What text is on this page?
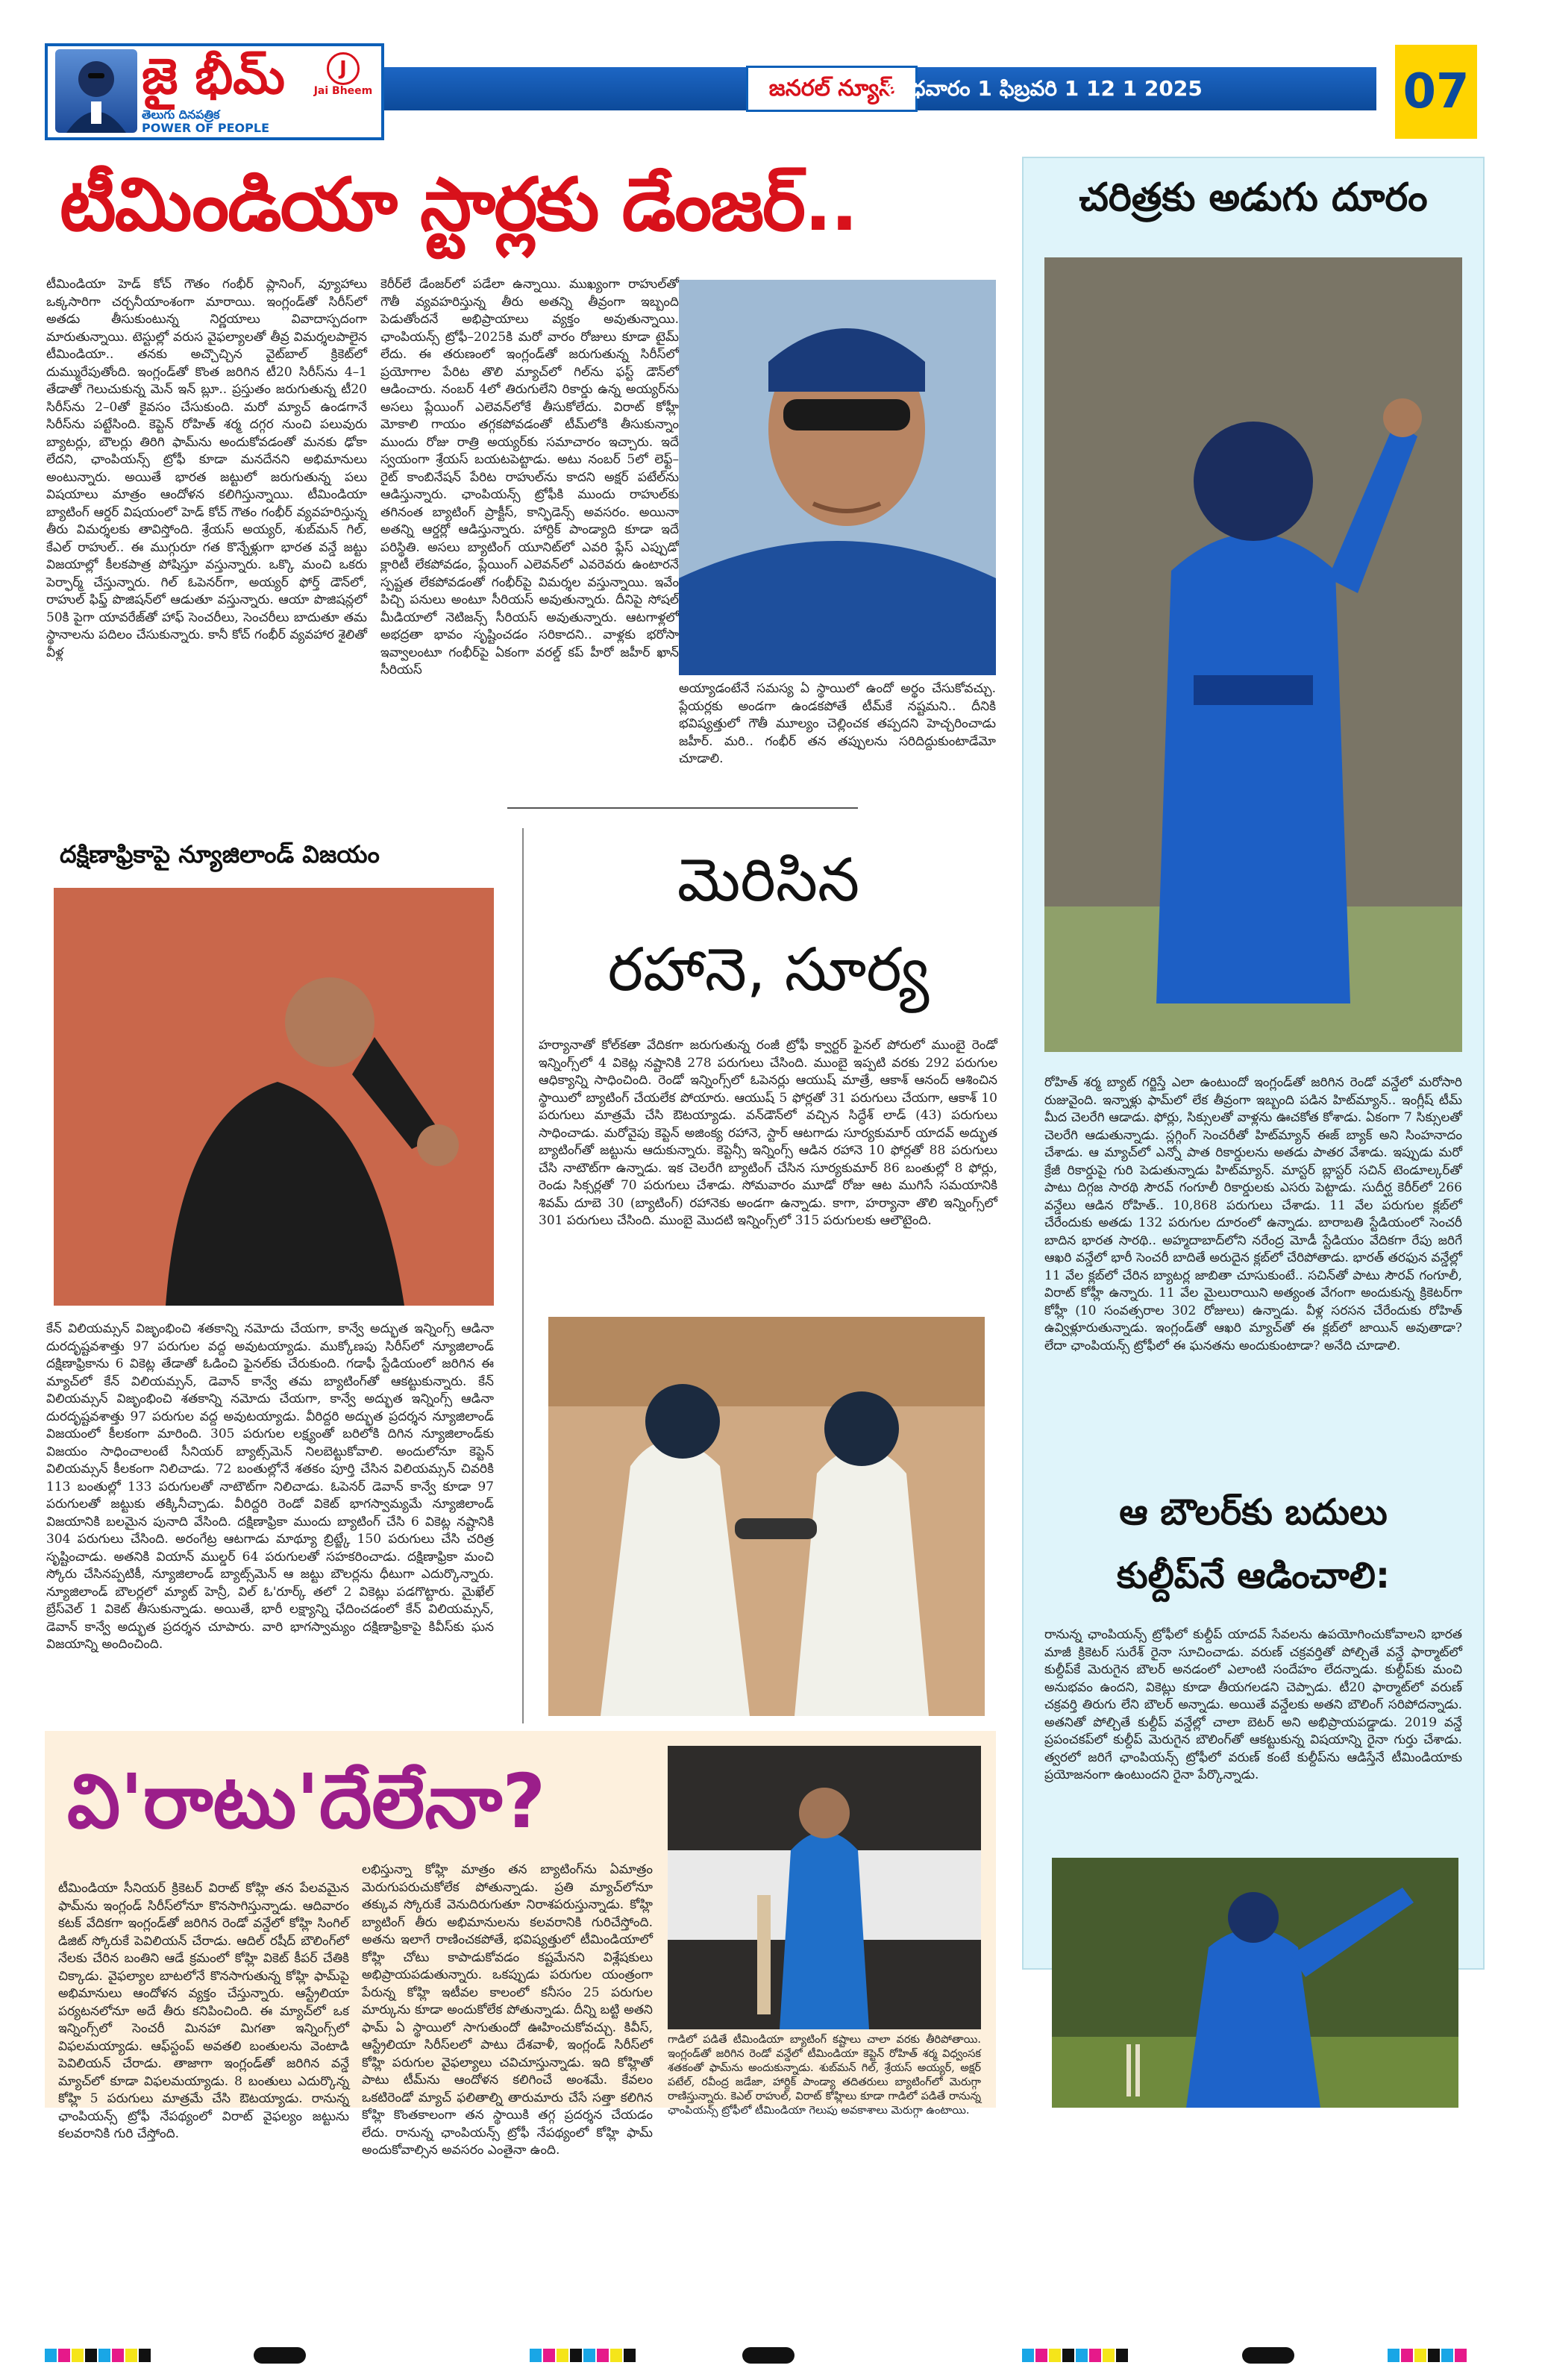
జై భీమ్
తెలుగు దినపత్రిక
POWER OF PEOPLE
J
Jai Bheem	జనరల్ న్యూస్
బుధవారం 1 ఫిబ్రవరి 1 12 1 2025	07
టీమిండియా స్టార్లకు డేంజర్..
టీమిండియా హెడ్ కోచ్ గౌతం గంభీర్ ప్లానింగ్, వ్యూహాలు ఒక్కసారిగా చర్చనీయాంశంగా మారాయి. ఇంగ్లండ్‌తో సిరీస్‌లో అతడు తీసుకుంటున్న నిర్ణయాలు వివాదాస్పదంగా మారుతున్నాయి. టెస్టుల్లో వరుస వైఫల్యాలతో తీవ్ర విమర్శలపాలైన టీమిండియా.. తనకు అచ్చొచ్చిన వైట్‌బాల్ క్రికెట్‌లో దుమ్మురేపుతోంది. ఇంగ్లండ్‌తో కొంత జరిగిన టీ20 సిరీస్‌ను 4–1 తేడాతో గెలుచుకున్న మెన్ ఇన్ బ్లూ.. ప్రస్తుతం జరుగుతున్న టీ20 సిరీస్‌ను 2–0తో కైవసం చేసుకుంది. మరో మ్యాచ్ ఉండగానే సిరీస్‌ను పట్టేసింది. కెప్టెన్ రోహిత్ శర్మ దగ్గర నుంచి పలువురు బ్యాటర్లు, బౌలర్లు తిరిగి ఫామ్‌ను అందుకోవడంతో మనకు ఢోకా లేదని, ఛాంపియన్స్ ట్రోఫీ కూడా మనదేనని అభిమానులు అంటున్నారు. అయితే భారత జట్టులో జరుగుతున్న పలు విషయాలు మాత్రం ఆందోళన కలిగిస్తున్నాయి. టీమిండియా బ్యాటింగ్ ఆర్డర్ విషయంలో హెడ్ కోచ్ గౌతం గంభీర్ వ్యవహరిస్తున్న తీరు విమర్శలకు తావిస్తోంది. శ్రేయస్ అయ్యర్, శుబ్‌మన్ గిల్, కేఎల్ రాహుల్.. ఈ ముగ్గురూ గత కొన్నేళ్లుగా భారత వన్డే జట్టు విజయాల్లో కీలకపాత్ర పోషిస్తూ వస్తున్నారు. ఒక్కొ మంచి ఒకరు పెర్ఫార్మ్ చేస్తున్నారు. గిల్ ఓపెనర్‌గా, అయ్యర్ ఫోర్త్ డౌన్‌లో, రాహుల్ ఫిఫ్త్ పొజిషన్‌లో ఆడుతూ వస్తున్నారు. ఆయా పొజిషన్లలో 50కి పైగా యావరేజ్‌తో హాఫ్ సెంచరీలు, సెంచరీలు బాదుతూ తమ స్థానాలను పదిలం చేసుకున్నారు. కానీ కోచ్ గంభీర్ వ్యవహార శైలితో వీళ్ల
కెరీర్‌లే డేంజర్‌లో పడేలా ఉన్నాయి. ముఖ్యంగా రాహుల్‌తో గౌతీ వ్యవహరిస్తున్న తీరు అతన్ని తీవ్రంగా ఇబ్బంది పెడుతోందనే అభిప్రాయాలు వ్యక్తం అవుతున్నాయి. ఛాంపియన్స్ ట్రోఫీ–2025కి మరో వారం రోజులు కూడా టైమ్ లేదు. ఈ తరుణంలో ఇంగ్లండ్‌తో జరుగుతున్న సిరీస్‌లో ప్రయోగాల పేరిట తొలి మ్యాచ్‌లో గిల్‌ను ఫస్ట్ డౌన్‌లో ఆడించారు. నంబర్ 4లో తిరుగులేని రికార్డు ఉన్న అయ్యర్‌ను అసలు ప్లేయింగ్ ఎలెవన్‌లోకే తీసుకోలేదు. విరాట్ కోహ్లీ మోకాలి గాయం తగ్గకపోవడంతో టీమ్‌లోకి తీసుకున్నాం ముందు రోజు రాత్రి అయ్యర్‌కు సమాచారం ఇచ్చారు. ఇదే స్వయంగా శ్రేయస్ బయటపెట్టాడు. అటు నంబర్ 5లో లెఫ్ట్–రైట్ కాంబినేషన్ పేరిట రాహుల్‌ను కాదని అక్షర్ పటేల్‌ను ఆడిస్తున్నారు. ఛాంపియన్స్ ట్రోఫీకి ముందు రాహుల్‌కు తగినంత బ్యాటింగ్ ప్రాక్టీస్, కాన్ఫిడెన్స్ అవసరం. అయినా అతన్ని ఆర్డర్లో ఆడిస్తున్నారు. హార్దిక్ పాండ్యాది కూడా ఇదే పరిస్థితి. అసలు బ్యాటింగ్ యూనిట్‌లో ఎవరి ఫ్లేస్ ఎప్పుడో క్లారిటీ లేకపోవడం, ప్లేయింగ్ ఎలెవన్‌లో ఎవరెవరు ఉంటారనే స్పష్టత లేకపోవడంతో గంభీర్‌పై విమర్శల వస్తున్నాయి. ఇవేం పిచ్చి పనులు అంటూ సీరియస్ అవుతున్నారు. దీనిపై సోషల్ మీడియాలో నెటిజన్స్ సీరియస్ అవుతున్నారు. ఆటగాళ్లలో అభద్రతా భావం సృష్టించడం సరికాదని.. వాళ్లకు భరోసా ఇవ్వాలంటూ గంభీర్‌పై ఏకంగా వరల్డ్ కప్ హీరో జహీర్ ఖాన్ సీరియస్
అయ్యాడంటేనే సమస్య ఏ స్థాయిలో ఉందో అర్థం చేసుకోవచ్చు. ప్లేయర్లకు అండగా ఉండకపోతే టీమ్‌కే నష్టమని.. దీనికి భవిష్యత్తులో గౌతీ మూల్యం చెల్లించక తప్పదని హెచ్చరించాడు జహీర్. మరి.. గంభీర్ తన తప్పులను సరిదిద్దుకుంటాడేమో చూడాలి.
దక్షిణాఫ్రికాపై న్యూజిలాండ్ విజయం
కేన్ విలియమ్సన్ విజృంభించి శతకాన్ని నమోదు చేయగా, కాన్వే అద్భుత ఇన్నింగ్స్ ఆడినా దురదృష్టవశాత్తు 97 పరుగుల వద్ద అవుటయ్యాడు. ముక్కోణపు సిరీస్‌లో న్యూజిలాండ్ దక్షిణాఫ్రికాను 6 వికెట్ల తేడాతో ఓడించి ఫైనల్‌కు చేరుకుంది. గడాఫీ స్టేడియంలో జరిగిన ఈ మ్యాచ్‌లో కేన్ విలియమ్సన్, డెవాన్ కాన్వే తమ బ్యాటింగ్‌తో ఆకట్టుకున్నారు. కేన్ విలియమ్సన్ విజృంభించి శతకాన్ని నమోదు చేయగా, కాన్వే అద్భుత ఇన్నింగ్స్ ఆడినా దురదృష్టవశాత్తు 97 పరుగుల వద్ద అవుటయ్యాడు. వీరిద్దరి అద్భుత ప్రదర్శన న్యూజిలాండ్ విజయంలో కీలకంగా మారింది. 305 పరుగుల లక్ష్యంతో బరిలోకి దిగిన న్యూజిలాండ్‌కు విజయం సాధించాలంటే సీనియర్ బ్యాట్స్‌మెన్ నిలబెట్టుకోవాలి. అందులోనూ కెప్టెన్ విలియమ్సన్ కీలకంగా నిలిచాడు. 72 బంతుల్లోనే శతకం పూర్తి చేసిన విలియమ్సన్ చివరికి 113 బంతుల్లో 133 పరుగులతో నాటౌట్‌గా నిలిచాడు. ఓపెనర్ డెవాన్ కాన్వే కూడా 97 పరుగులతో జట్టుకు తక్కినీచ్చాడు. వీరిద్దరి రెండో వికెట్ భాగస్వామ్యమే న్యూజిలాండ్ విజయానికి బలమైన పునాది వేసింది. దక్షిణాఫ్రికా ముందు బ్యాటింగ్ చేసి 6 వికెట్ల నష్టానికి 304 పరుగులు చేసింది. అరంగేట్ర ఆటగాడు మాథ్యూ బ్రిట్జ్కే 150 పరుగులు చేసి చరిత్ర సృష్టించాడు. అతనికి వియాన్ ముల్డర్ 64 పరుగులతో సహకరించాడు. దక్షిణాఫ్రికా మంచి స్కోరు చేసినప్పటికీ, న్యూజిలాండ్ బ్యాట్స్‌మెన్ ఆ జట్టు బౌలర్లను ధీటుగా ఎదుర్కొన్నారు. న్యూజిలాండ్ బౌలర్లలో మ్యాట్ హెన్రీ, విల్ ఓ'రూర్క్ తలో 2 వికెట్లు పడగొట్టారు. మైఖేల్ బ్రేస్‌వెల్ 1 వికెట్ తీసుకున్నాడు. అయితే, భారీ లక్ష్యాన్ని ఛేదించడంలో కేన్ విలియమ్సన్, డెవాన్ కాన్వే అద్భుత ప్రదర్శన చూపారు. వారి భాగస్వామ్యం దక్షిణాఫ్రికాపై కివీస్‌కు ఘన విజయాన్ని అందించింది.
మెరిసిన
రహానె, సూర్య
హర్యానాతో కోల్‌కతా వేదికగా జరుగుతున్న రంజీ ట్రోఫీ క్వార్టర్ ఫైనల్ పోరులో ముంబై రెండో ఇన్నింగ్స్‌లో 4 వికెట్ల నష్టానికి 278 పరుగులు చేసింది. ముంబై ఇప్పటి వరకు 292 పరుగుల ఆధిక్యాన్ని సాధించింది. రెండో ఇన్నింగ్స్‌లో ఓపెనర్లు ఆయుష్ మాత్రే, ఆకాశ్ ఆనంద్ ఆశించిన స్థాయిలో బ్యాటింగ్ చేయలేక పోయారు. ఆయుష్ 5 ఫోర్లతో 31 పరుగులు చేయగా, ఆకాశ్ 10 పరుగులు మాత్రమే చేసి ఔటయ్యాడు. వన్‌డౌన్‌లో వచ్చిన సిద్ధేశ్ లాడ్ (43) పరుగులు సాధించాడు. మరోవైపు కెప్టెన్ అజింక్య రహానె, స్టార్ ఆటగాడు సూర్యకుమార్ యాదవ్ అద్భుత బ్యాటింగ్‌తో జట్టును ఆదుకున్నారు. కెప్టెన్సీ ఇన్నింగ్స్ ఆడిన రహానె 10 ఫోర్లతో 88 పరుగులు చేసి నాటౌట్‌గా ఉన్నాడు. ఇక చెలరేగి బ్యాటింగ్ చేసిన సూర్యకుమార్ 86 బంతుల్లో 8 ఫోర్లు, రెండు సిక్సర్లతో 70 పరుగులు చేశాడు. సోమవారం మూడో రోజు ఆట ముగిసే సమయానికి శివమ్ దూబె 30 (బ్యాటింగ్) రహానెకు అండగా ఉన్నాడు. కాగా, హర్యానా తొలి ఇన్నింగ్స్‌లో 301 పరుగులు చేసింది. ముంబై మొదటి ఇన్నింగ్స్‌లో 315 పరుగులకు ఆలౌటైంది.
వి'రాటు'దేలేనా?
టీమిండియా సీనియర్ క్రికెటర్ విరాట్ కోహ్లి తన పేలవమైన ఫామ్‌ను ఇంగ్లండ్ సిరీస్‌లోనూ కొనసాగిస్తున్నాడు. ఆదివారం కటక్ వేదికగా ఇంగ్లండ్‌తో జరిగిన రెండో వన్డేలో కోహ్లి సింగిల్ డిజిట్ స్కోరుకే పెవిలియన్ చేరాడు. ఆదిల్ రషీద్ బౌలింగ్‌లో నేలకు చేరిన బంతిని ఆడే క్రమంలో కోహ్లి వికెట్ కీపర్ చేతికి చిక్కాడు. వైఫల్యాల బాటలోనే కొనసాగుతున్న కోహ్లి ఫామ్‌పై అభిమానులు ఆందోళన వ్యక్తం చేస్తున్నారు. ఆస్ట్రేలియా పర్యటనలోనూ అదే తీరు కనిపించింది. ఈ మ్యాచ్‌లో ఒక ఇన్నింగ్స్‌లో సెంచరీ మినహా మిగతా ఇన్నింగ్స్‌లో విఫలమయ్యాడు. ఆఫ్‌స్టంప్ అవతలి బంతులను వెంటాడి పెవిలియన్ చేరాడు. తాజాగా ఇంగ్లండ్‌తో జరిగిన వన్డే మ్యాచ్‌లో కూడా విఫలమయ్యాడు. 8 బంతులు ఎదుర్కొన్న కోహ్లి 5 పరుగులు మాత్రమే చేసి ఔటయ్యాడు. రానున్న ఛాంపియన్స్ ట్రోఫీ నేపథ్యంలో విరాట్ వైఫల్యం జట్టును కలవరానికి గురి చేస్తోంది.
లభిస్తున్నా కోహ్లి మాత్రం తన బ్యాటింగ్‌ను ఏమాత్రం మెరుగుపరుచుకోలేక పోతున్నాడు. ప్రతి మ్యాచ్‌లోనూ తక్కువ స్కోరుకే వెనుదిరుగుతూ నిరాశపరుస్తున్నాడు. కోహ్లి బ్యాటింగ్ తీరు అభిమానులను కలవరానికి గురిచేస్తోంది. అతను ఇలాగే రాణించకపోతే, భవిష్యత్తులో టీమిండియాలో కోహ్లి చోటు కాపాడుకోవడం కష్టమేనని విశ్లేషకులు అభిప్రాయపడుతున్నారు. ఒకప్పుడు పరుగుల యంత్రంగా పేరున్న కోహ్లి ఇటీవల కాలంలో కనీసం 25 పరుగుల మార్కును కూడా అందుకోలేక పోతున్నాడు. దీన్ని బట్టి అతని ఫామ్ ఏ స్థాయిలో సాగుతుందో ఊహించుకోవచ్చు. కివీస్, ఆస్ట్రేలియా సిరీస్‌లలో పాటు దేశవాళీ, ఇంగ్లండ్ సిరీస్‌లో కోహ్లి పరుగుల వైఫల్యాలు చవిచూస్తున్నాడు. ఇది కోహ్లితో పాటు టీమ్‌ను ఆందోళన కలిగించే అంశమే. కేవలం ఒకటిరెండో మ్యాచ్ ఫలితాల్ని తారుమారు చేసే సత్తా కలిగిన కోహ్లి కొంతకాలంగా తన స్థాయికి తగ్గ ప్రదర్శన చేయడం లేదు. రానున్న ఛాంపియన్స్ ట్రోఫీ నేపథ్యంలో కోహ్లి ఫామ్ అందుకోవాల్సిన అవసరం ఎంతైనా ఉంది.
గాడిలో పడితే టీమిండియా బ్యాటింగ్ కష్టాలు చాలా వరకు తీరిపోతాయి. ఇంగ్లండ్‌తో జరిగిన రెండో వన్డేలో టీమిండియా కెప్టెన్ రోహిత్ శర్మ విధ్వంసక శతకంతో ఫామ్‌ను అందుకున్నాడు. శుబ్‌మన్ గిల్, శ్రేయస్ అయ్యర్, అక్షర్ పటేల్, రవీంద్ర జడేజా, హార్దిక్ పాండ్యా తదితరులు బ్యాటింగ్‌లో మెరుగ్గా రాణిస్తున్నారు. కెఎల్ రాహుల్, విరాట్ కోహ్లిలు కూడా గాడిలో పడితే రానున్న ఛాంపియన్స్ ట్రోఫీలో టీమిండియా గెలుపు అవకాశాలు మెరుగ్గా ఉంటాయి.
చరిత్రకు అడుగు దూరం
రోహిత్ శర్మ బ్యాట్ గర్జిస్తే ఎలా ఉంటుందో ఇంగ్లండ్‌తో జరిగిన రెండో వన్డేలో మరోసారి రుజువైంది. ఇన్నాళ్లు ఫామ్‌లో లేక తీవ్రంగా ఇబ్బంది పడిన హిట్‌మ్యాన్.. ఇంగ్లీష్ టీమ్ మీద చెలరేగి ఆడాడు. ఫోర్లు, సిక్సులతో వాళ్లను ఊచకోత కోశాడు. ఏకంగా 7 సిక్సులతో చెలరేగి ఆడుతున్నాడు. స్లగ్గింగ్ సెంచరీతో హిట్‌మ్యాన్ ఈజ్ బ్యాక్ అని సింహనాదం చేశాడు. ఆ మ్యాచ్‌లో ఎన్నో పాత రికార్డులను అతడు పాతర వేశాడు. ఇప్పుడు మరో క్రేజీ రికార్డుపై గురి పెడుతున్నాడు హిట్‌మ్యాన్. మాస్టర్ బ్లాస్టర్ సచిన్ టెండూల్కర్‌తో పాటు దిగ్గజ సారథి సౌరవ్ గంగూలీ రికార్డులకు ఎసరు పెట్టాడు. సుదీర్ఘ కెరీర్‌లో 266 వన్డేలు ఆడిన రోహిత్.. 10,868 పరుగులు చేశాడు. 11 వేల పరుగుల క్లబ్‌లో చేరేందుకు అతడు 132 పరుగుల దూరంలో ఉన్నాడు. బారాబతి స్టేడియంలో సెంచరీ బాదిన భారత సారథి.. అహ్మదాబాద్‌లోని నరేంద్ర మోడీ స్టేడియం వేదికగా రేపు జరిగే ఆఖరి వన్డేలో భారీ సెంచరీ బాదితే అరుదైన క్లబ్‌లో చేరిపోతాడు. భారత్ తరఫున వన్డేల్లో 11 వేల క్లబ్‌లో చేరిన బ్యాటర్ల జాబితా చూసుకుంటే.. సచిన్‌తో పాటు సౌరవ్ గంగూలీ, విరాట్ కోహ్లీ ఉన్నారు. 11 వేల మైలురాయిని అత్యంత వేగంగా అందుకున్న క్రికెటర్‌గా కోహ్లీ (10 సంవత్సరాల 302 రోజులు) ఉన్నాడు. వీళ్ల సరసన చేరేందుకు రోహిత్ ఉవ్విళ్లూరుతున్నాడు. ఇంగ్లండ్‌తో ఆఖరి మ్యాచ్‌తో ఈ క్లబ్‌లో జాయిన్ అవుతాడా? లేదా ఛాంపియన్స్ ట్రోఫీలో ఈ ఘనతను అందుకుంటాడా? అనేది చూడాలి.
ఆ బౌలర్‌కు బదులు
కుల్దీప్‌నే ఆడించాలి:
రానున్న ఛాంపియన్స్ ట్రోఫీలో కుల్దీప్ యాదవ్ సేవలను ఉపయోగించుకోవాలని భారత మాజీ క్రికెటర్ సురేశ్ రైనా సూచించాడు. వరుణ్ చక్రవర్తితో పోల్చితే వన్డే ఫార్మాట్‌లో కుల్దీప్‌కే మెరుగైన బౌలర్ అనడంలో ఎలాంటి సందేహం లేదన్నాడు. కుల్దీప్‌కు మంచి అనుభవం ఉందని, వికెట్లు కూడా తీయగలడని చెప్పాడు. టీ20 ఫార్మాట్‌లో వరుణ్ చక్రవర్తి తిరుగు లేని బౌలర్ అన్నాడు. అయితే వన్డేలకు అతని బౌలింగ్ సరిపోదన్నాడు. అతనితో పోల్చితే కుల్దీప్ వన్డేల్లో చాలా బెటర్ అని అభిప్రాయపడ్డాడు. 2019 వన్డే ప్రపంచకప్‌లో కుల్దీప్ మెరుగైన బౌలింగ్‌తో ఆకట్టుకున్న విషయాన్ని రైనా గుర్తు చేశాడు. త్వరలో జరిగే ఛాంపియన్స్ ట్రోఫీలో వరుణ్ కంటే కుల్దీప్‌ను ఆడిస్తేనే టీమిండియాకు ప్రయోజనంగా ఉంటుందని రైనా పేర్కొన్నాడు.
